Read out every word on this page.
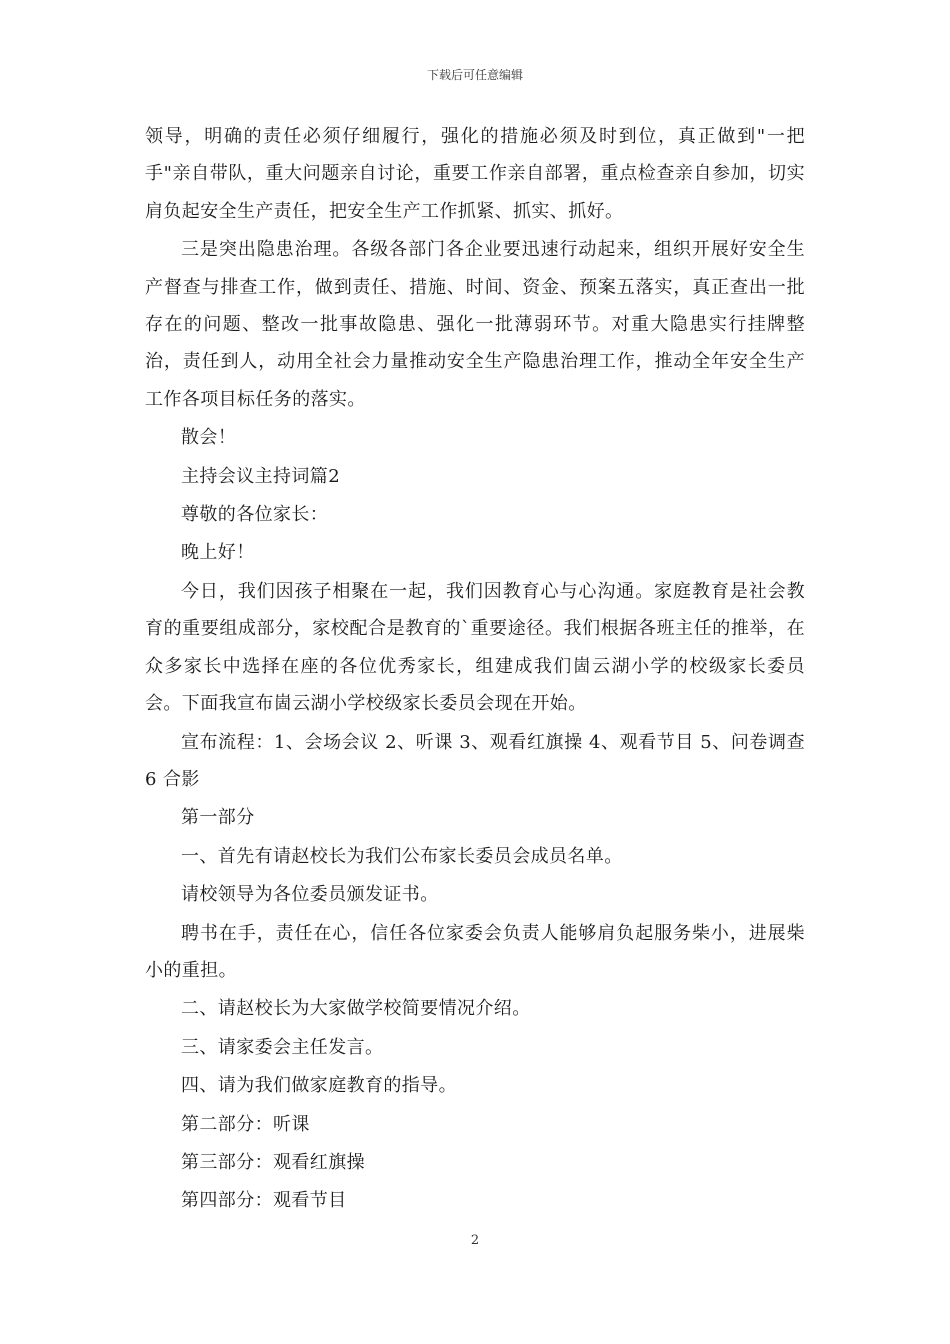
下载后可任意编辑

领导，明确的责任必须仔细履行，强化的措施必须及时到位，真正做到"一把手"亲自带队，重大问题亲自讨论，重要工作亲自部署，重点检查亲自参加，切实肩负起安全生产责任，把安全生产工作抓紧、抓实、抓好。

三是突出隐患治理。各级各部门各企业要迅速行动起来，组织开展好安全生产督查与排查工作，做到责任、措施、时间、资金、预案五落实，真正查出一批存在的问题、整改一批事故隐患、强化一批薄弱环节。对重大隐患实行挂牌整治，责任到人，动用全社会力量推动安全生产隐患治理工作，推动全年安全生产工作各项目标任务的落实。

散会！

主持会议主持词篇2

尊敬的各位家长：

晚上好！

今日，我们因孩子相聚在一起，我们因教育心与心沟通。家庭教育是社会教育的重要组成部分，家校配合是教育的`重要途径。我们根据各班主任的推举，在众多家长中选择在座的各位优秀家长，组建成我们崮云湖小学的校级家长委员会。下面我宣布崮云湖小学校级家长委员会现在开始。

宣布流程：1、会场会议 2、听课 3、观看红旗操 4、观看节目 5、问卷调查6 合影

第一部分

一、首先有请赵校长为我们公布家长委员会成员名单。

请校领导为各位委员颁发证书。

聘书在手，责任在心，信任各位家委会负责人能够肩负起服务柴小，进展柴小的重担。

二、请赵校长为大家做学校简要情况介绍。

三、请家委会主任发言。

四、请为我们做家庭教育的指导。

第二部分：听课

第三部分：观看红旗操

第四部分：观看节目

2
